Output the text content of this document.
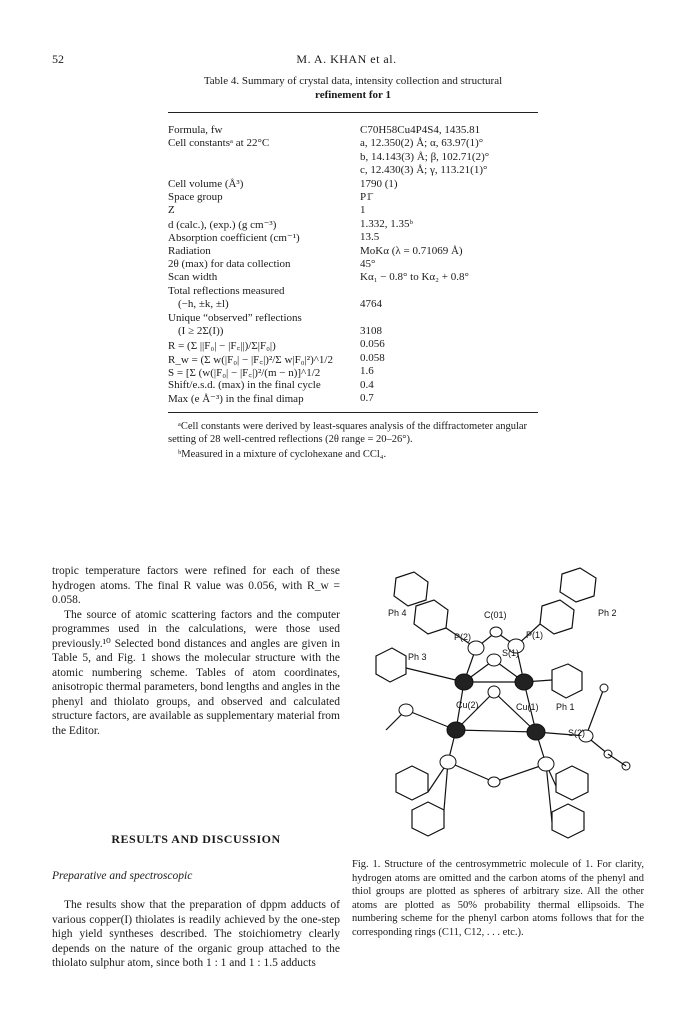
52	M. A. KHAN et al.
Table 4. Summary of crystal data, intensity collection and structural
refinement for 1
Formula, fw	C70H58Cu4P4S4, 1435.81
Cell constantsᵃ at 22°C	a, 12.350(2) Å; α, 63.97(1)°
b, 14.143(3) Å; β, 102.71(2)°
c, 12.430(3) Å; γ, 113.21(1)°
Cell volume (Å³)	1790 (1)
Space group	P1̄
Z	1
d (calc.), (exp.) (g cm⁻³)	1.332, 1.35ᵇ
Absorption coefficient (cm⁻¹)	13.5
Radiation	MoKα (λ = 0.71069 Å)
2θ (max) for data collection	45°
Scan width	Kα₁ − 0.8° to Kα₂ + 0.8°
Total reflections measured
(−h, ±k, ±l)	4764
Unique “observed” reflections
(I ≥ 2Σ(I))	3108
R = (Σ ||F₀| − |F꜀||)/Σ|F₀|)	0.056
R_w = (Σ w(|F₀| − |F꜀|)²/Σ w|F₀|²)^1/2 0.058
S = [Σ (w(|F₀| − |F꜀|)²/(m − n)]^1/2	1.6
Shift/e.s.d. (max) in the final cycle	0.4
Max (e Å⁻³) in the final dimap	0.7

ᵃCell constants were derived by least-squares analysis of the diffractometer angular setting of 28 well-centred reflections (2θ range = 20–26°).

ᵇMeasured in a mixture of cyclohexane and CCl₄.

tropic temperature factors were refined for each of these hydrogen atoms. The final R value was 0.056, with R_w = 0.058.

The source of atomic scattering factors and the computer programmes used in the calculations, were those used previously.¹⁰ Selected bond distances and angles are given in Table 5, and Fig. 1 shows the molecular structure with the atomic numbering scheme. Tables of atom coordinates, anisotropic thermal parameters, bond lengths and angles in the phenyl and thiolato groups, and observed and calculated structure factors, are available as supplementary material from the Editor.

RESULTS AND DISCUSSION
Preparative and spectroscopic

The results show that the preparation of dppm adducts of various copper(I) thiolates is readily achieved by the one-step high yield syntheses described. The stoichiometry clearly depends on the nature of the organic group attached to the thiolato sulphur atom, since both 1 : 1 and 1 : 1.5 adducts

Ph 4	Ph 2
C(01)
P(2)	P(1)
S(1)
Ph 3
Cu(2)	Cu(1) Ph 1
S(2)
Fig. 1. Structure of the centrosymmetric molecule of 1. For clarity, hydrogen atoms are omitted and the carbon atoms of the phenyl and thiol groups are plotted as spheres of arbitrary size. All the other atoms are plotted as 50% probability thermal ellipsoids. The numbering scheme for the phenyl carbon atoms follows that for the corresponding rings (C11, C12, . . . etc.).
